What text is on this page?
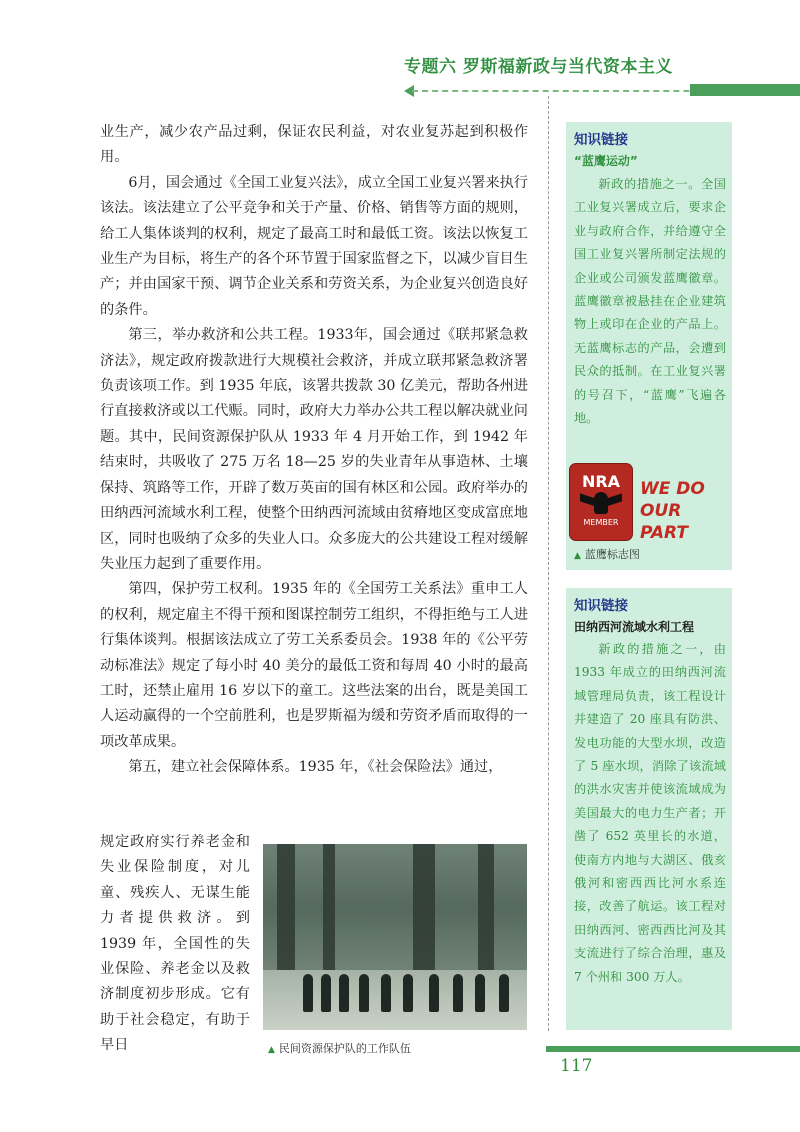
专题六 罗斯福新政与当代资本主义

业生产，减少农产品过剩，保证农民利益，对农业复苏起到积极作用。

6月，国会通过《全国工业复兴法》，成立全国工业复兴署来执行该法。该法建立了公平竞争和关于产量、价格、销售等方面的规则，给工人集体谈判的权利，规定了最高工时和最低工资。该法以恢复工业生产为目标，将生产的各个环节置于国家监督之下，以减少盲目生产；并由国家干预、调节企业关系和劳资关系，为企业复兴创造良好的条件。

第三，举办救济和公共工程。1933年，国会通过《联邦紧急救济法》，规定政府拨款进行大规模社会救济，并成立联邦紧急救济署负责该项工作。到 1935 年底，该署共拨款 30 亿美元，帮助各州进行直接救济或以工代赈。同时，政府大力举办公共工程以解决就业问题。其中，民间资源保护队从 1933 年 4 月开始工作，到 1942 年结束时，共吸收了 275 万名 18—25 岁的失业青年从事造林、土壤保持、筑路等工作，开辟了数万英亩的国有林区和公园。政府举办的田纳西河流域水利工程，使整个田纳西河流域由贫瘠地区变成富庶地区，同时也吸纳了众多的失业人口。众多庞大的公共建设工程对缓解失业压力起到了重要作用。

第四，保护劳工权利。1935 年的《全国劳工关系法》重申工人的权利，规定雇主不得干预和图谋控制劳工组织，不得拒绝与工人进行集体谈判。根据该法成立了劳工关系委员会。1938 年的《公平劳动标准法》规定了每小时 40 美分的最低工资和每周 40 小时的最高工时，还禁止雇用 16 岁以下的童工。这些法案的出台，既是美国工人运动赢得的一个空前胜利，也是罗斯福为缓和劳资矛盾而取得的一项改革成果。

第五，建立社会保障体系。1935 年，《社会保险法》通过，

规定政府实行养老金和失业保险制度，对儿童、残疾人、无谋生能力者提供救济。到 1939 年，全国性的失业保险、养老金以及救济制度初步形成。它有助于社会稳定，有助于早日	▲ 民间资源保护队的工作队伍
知识链接
“蓝鹰运动”
新政的措施之一。全国工业复兴署成立后，要求企业与政府合作，并给遵守全国工业复兴署所制定法规的企业或公司颁发蓝鹰徽章。蓝鹰徽章被悬挂在企业建筑物上或印在企业的产品上。无蓝鹰标志的产品，会遭到民众的抵制。在工业复兴署的号召下，“蓝鹰”飞遍各地。
NRA
MEMBER
WE DO
OUR PART
▲ 蓝鹰标志图
知识链接
田纳西河流域水利工程
新政的措施之一，由 1933 年成立的田纳西河流域管理局负责，该工程设计并建造了 20 座具有防洪、发电功能的大型水坝，改造了 5 座水坝，消除了该流域的洪水灾害并使该流域成为美国最大的电力生产者；开凿了 652 英里长的水道，使南方内地与大湖区、俄亥俄河和密西西比河水系连接，改善了航运。该工程对田纳西河、密西西比河及其支流进行了综合治理，惠及 7 个州和 300 万人。
117
